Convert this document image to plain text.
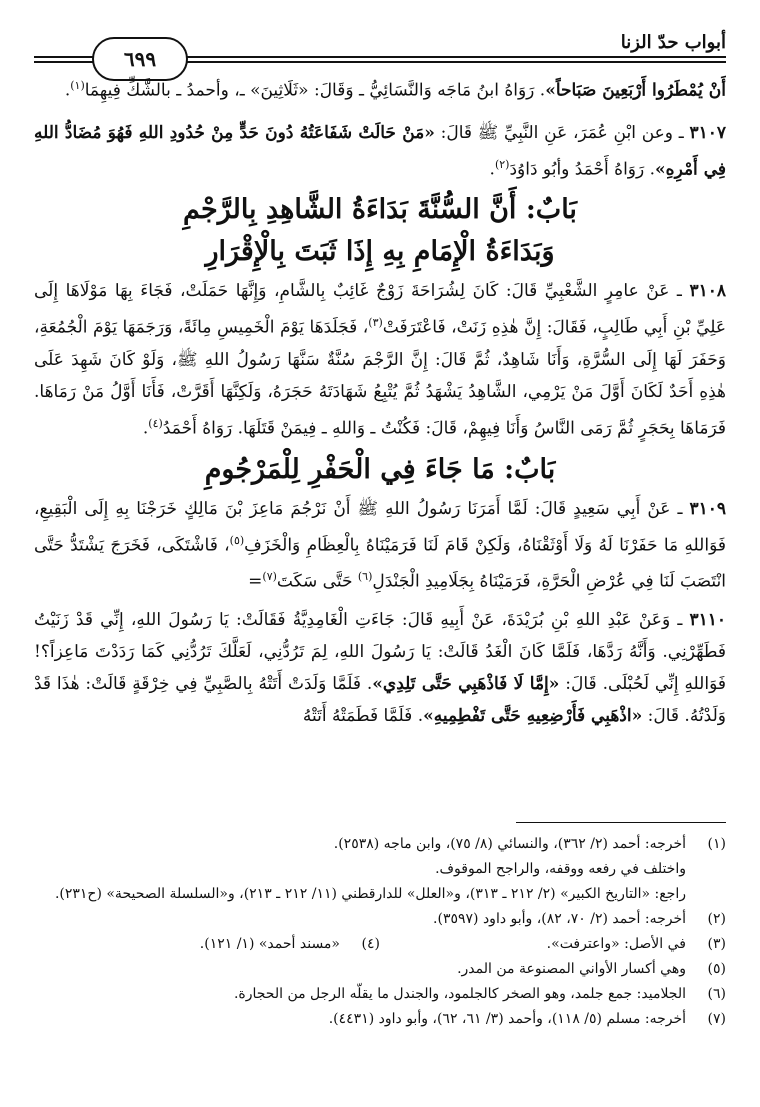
أبواب حدّ الزنا
٦٩٩

أَنْ يُمْطَرُوا أَرْبَعِينَ صَبَاحاً». رَوَاهُ ابنُ مَاجَه وَالنَّسَائِيُّ ـ وَقَالَ: «ثَلَاثِينَ» ـ، وأحمدُ ـ بالشَّكِّ فِيهِمَا$^{(١)}$.

٣١٠٧ ـ وعن ابْنِ عُمَرَ، عَنِ النَّبِيِّ ﷺ قَالَ: «مَنْ حَالَتْ شَفَاعَتُهُ دُونَ حَدٍّ مِنْ حُدُودِ اللهِ فَهُوَ مُضَادُّ اللهِ فِي أَمْرِهِ». رَوَاهُ أَحْمَدُ وأبُو دَاوُدَ$^{(٢)}$.

بَابٌ: أَنَّ السُّنَّةَ بَدَاءَةُ الشَّاهِدِ بِالرَّجْمِ
وَبَدَاءَةُ الْإِمَامِ بِهِ إِذَا ثَبَتَ بِالْإِقْرَارِ

٣١٠٨ ـ عَنْ عامِرٍ الشَّعْبِيِّ قَالَ: كَانَ لِشُرَاحَةَ زَوْجٌ غَائِبٌ بِالشَّامِ، وَإِنَّهَا حَمَلَتْ، فَجَاءَ بِهَا مَوْلَاهَا إِلَى عَلِيِّ بْنِ أَبِي طَالِبٍ، فَقَالَ: إِنَّ هٰذِهِ زَنَتْ، فَاعْتَرَفَتْ$^{(٣)}$، فَجَلَدَهَا يَوْمَ الْخَمِيسِ مِائَةً، وَرَجَمَهَا يَوْمَ الْجُمُعَةِ، وَحَفَرَ لَهَا إِلَى السُّرَّةِ، وَأَنَا شَاهِدٌ، ثُمَّ قَالَ: إِنَّ الرَّجْمَ سُنَّةٌ سَنَّهَا رَسُولُ اللهِ ﷺ، وَلَوْ كَانَ شَهِدَ عَلَى هٰذِهِ أَحَدٌ لَكَانَ أَوَّلَ مَنْ يَرْمِي، الشَّاهِدُ يَشْهَدُ ثُمَّ يُتْبِعُ شَهَادَتَهُ حَجَرَهُ، وَلَكِنَّهَا أَقَرَّتْ، فَأَنَا أَوَّلُ مَنْ رَمَاهَا. فَرَمَاهَا بِحَجَرٍ ثُمَّ رَمَى النَّاسُ وَأَنَا فِيهِمْ، قَالَ: فَكُنْتُ ـ وَاللهِ ـ فِيمَنْ قَتَلَهَا. رَوَاهُ أَحْمَدُ$^{(٤)}$.

بَابٌ: مَا جَاءَ فِي الْحَفْرِ لِلْمَرْجُومِ

٣١٠٩ ـ عَنْ أَبِي سَعِيدٍ قَالَ: لَمَّا أَمَرَنَا رَسُولُ اللهِ ﷺ أَنْ نَرْجُمَ مَاعِزَ بْنَ مَالِكٍ خَرَجْنَا بِهِ إِلَى الْبَقِيعِ، فَوَاللهِ مَا حَفَرْنَا لَهُ وَلَا أَوْثَقْنَاهُ، وَلَكِنْ قَامَ لَنَا فَرَمَيْنَاهُ بِالْعِظَامِ وَالْخَزَفِ$^{(٥)}$، فَاشْتَكَى، فَخَرَجَ يَشْتَدُّ حَتَّى انْتَصَبَ لَنَا فِي عُرْضِ الْحَرَّةِ، فَرَمَيْنَاهُ بِجَلَامِيدِ الْجَنْدَلِ$^{(٦)}$ حَتَّى سَكَتَ$^{(٧)}$=

٣١١٠ ـ وَعَنْ عَبْدِ اللهِ بْنِ بُرَيْدَةَ، عَنْ أَبِيهِ قَالَ: جَاءَتِ الْغَامِدِيَّةُ فَقَالَتْ: يَا رَسُولَ اللهِ، إِنِّي قَدْ زَنَيْتُ فَطَهِّرْنِي. وَأَنَّهُ رَدَّهَا، فَلَمَّا كَانَ الْغَدُ قَالَتْ: يَا رَسُولَ اللهِ، لِمَ تَرُدُّنِي، لَعَلَّكَ تَرُدُّنِي كَمَا رَدَدْتَ مَاعِزاً؟! فَوَاللهِ إِنِّي لَحُبْلَى. قَالَ: «إِمَّا لَا فَاذْهَبِي حَتَّى تَلِدِي». فَلَمَّا وَلَدَتْ أَتَتْهُ بِالصَّبِيِّ فِي خِرْقَةٍ قَالَتْ: هٰذَا قَدْ وَلَدْتُهُ. قَالَ: «اذْهَبِي فَأَرْضِعِيهِ حَتَّى تَفْطِمِيهِ». فَلَمَّا فَطَمَتْهُ أَتَتْهُ

(١)
أخرجه: أحمد (٢/ ٣٦٢)، والنسائي (٨/ ٧٥)، وابن ماجه (٢٥٣٨).
واختلف في رفعه ووقفه، والراجح الموقوف.
راجع: «التاريخ الكبير» (٢/ ٢١٢ ـ ٣١٣)، و«العلل» للدارقطني (١١/ ٢١٢ ـ ٢١٣)، و«السلسلة الصحيحة» (ح٢٣١).
(٢)
أخرجه: أحمد (٢/ ٧٠، ٨٢)، وأبو داود (٣٥٩٧).
(٣)
في الأصل: «واعترفت».
(٤)
«مسند أحمد» (١/ ١٢١).
(٥)
وهي أكسار الأواني المصنوعة من المدر.
(٦)
الجلاميد: جمع جلمد، وهو الصخر كالجلمود، والجندل ما يقلّه الرجل من الحجارة.
(٧)
أخرجه: مسلم (٥/ ١١٨)، وأحمد (٣/ ٦١، ٦٢)، وأبو داود (٤٤٣١).
